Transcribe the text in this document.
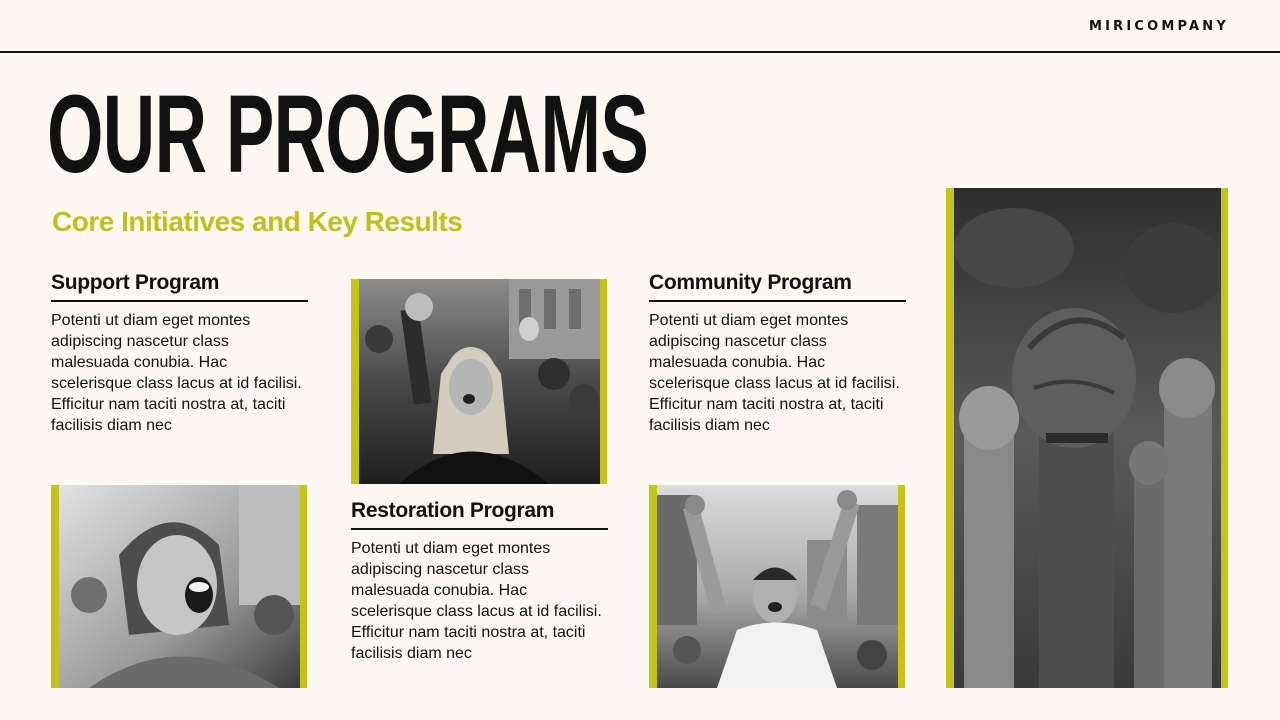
MIRICOMPANY
OUR PROGRAMS
Core Initiatives and Key Results
Support Program

Potenti ut diam eget montes adipiscing nascetur class malesuada conubia. Hac scelerisque class lacus at id facilisi. Efficitur nam taciti nostra at, taciti facilisis diam nec

Restoration Program

Potenti ut diam eget montes adipiscing nascetur class malesuada conubia. Hac scelerisque class lacus at id facilisi. Efficitur nam taciti nostra at, taciti facilisis diam nec

Community Program

Potenti ut diam eget montes adipiscing nascetur class malesuada conubia. Hac scelerisque class lacus at id facilisi. Efficitur nam taciti nostra at, taciti facilisis diam nec
